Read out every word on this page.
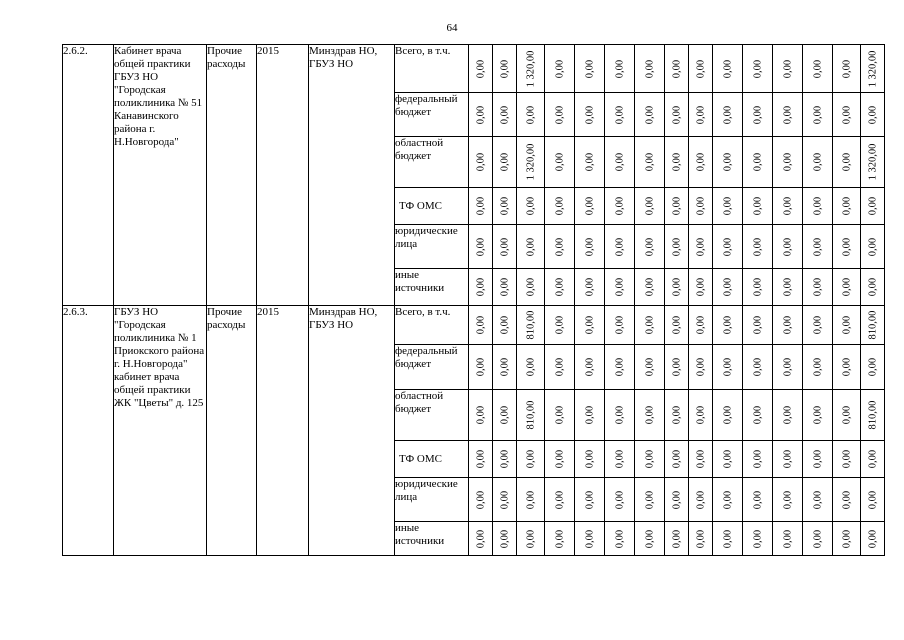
64
2.6.2.	Кабинет врача общей практики ГБУЗ НО "Городская поликлиника № 51 Канавинского района г. Н.Новгорода"	Прочие расходы	2015	Минздрав НО, ГБУЗ НО	Всего, в т.ч.	0,00	0,00	1 320,00	0,00	0,00	0,00	0,00	0,00	0,00	0,00	0,00	0,00	0,00	0,00	1 320,00

					федеральный бюджет	0,00	0,00	0,00	0,00	0,00	0,00	0,00	0,00	0,00	0,00	0,00	0,00	0,00	0,00	0,00

					областной бюджет	0,00	0,00	1 320,00	0,00	0,00	0,00	0,00	0,00	0,00	0,00	0,00	0,00	0,00	0,00	1 320,00

					ТФ ОМС	0,00	0,00	0,00	0,00	0,00	0,00	0,00	0,00	0,00	0,00	0,00	0,00	0,00	0,00	0,00

					юридические лица	0,00	0,00	0,00	0,00	0,00	0,00	0,00	0,00	0,00	0,00	0,00	0,00	0,00	0,00	0,00

					иные источники	0,00	0,00	0,00	0,00	0,00	0,00	0,00	0,00	0,00	0,00	0,00	0,00	0,00	0,00	0,00

2.6.3.	ГБУЗ НО "Городская поликлиника № 1 Приокского района г. Н.Новгорода" кабинет врача общей практики ЖК "Цветы" д. 125	Прочие расходы	2015	Минздрав НО, ГБУЗ НО	Всего, в т.ч.	0,00	0,00	810,00	0,00	0,00	0,00	0,00	0,00	0,00	0,00	0,00	0,00	0,00	0,00	810,00

					федеральный бюджет	0,00	0,00	0,00	0,00	0,00	0,00	0,00	0,00	0,00	0,00	0,00	0,00	0,00	0,00	0,00

					областной бюджет	0,00	0,00	810,00	0,00	0,00	0,00	0,00	0,00	0,00	0,00	0,00	0,00	0,00	0,00	810,00

					ТФ ОМС	0,00	0,00	0,00	0,00	0,00	0,00	0,00	0,00	0,00	0,00	0,00	0,00	0,00	0,00	0,00

					юридические лица	0,00	0,00	0,00	0,00	0,00	0,00	0,00	0,00	0,00	0,00	0,00	0,00	0,00	0,00	0,00

					иные источники	0,00	0,00	0,00	0,00	0,00	0,00	0,00	0,00	0,00	0,00	0,00	0,00	0,00	0,00	0,00
